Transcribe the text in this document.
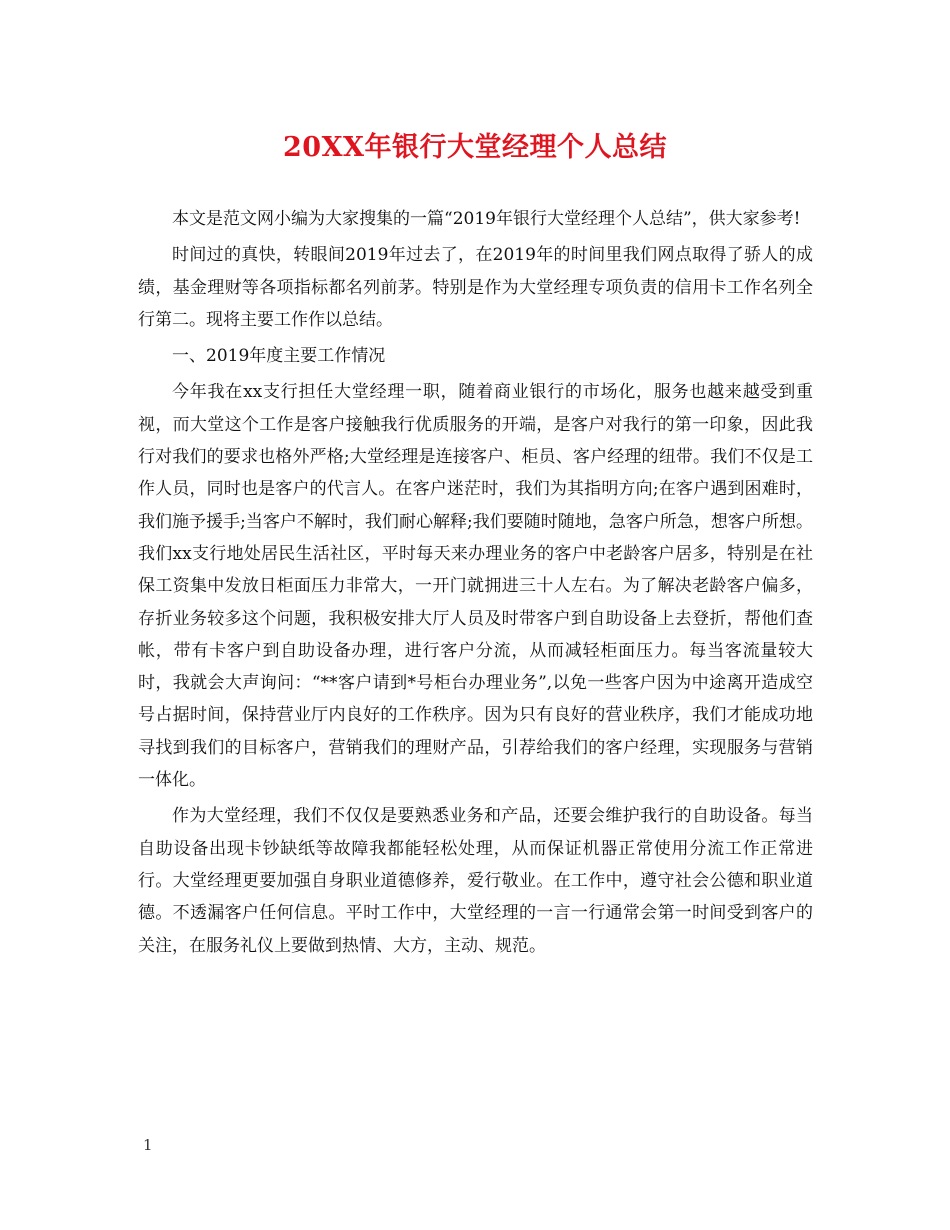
20XX年银行大堂经理个人总结

本文是范文网小编为大家搜集的一篇“2019年银行大堂经理个人总结”，供大家参考!

时间过的真快，转眼间2019年过去了，在2019年的时间里我们网点取得了骄人的成绩，基金理财等各项指标都名列前茅。特别是作为大堂经理专项负责的信用卡工作名列全行第二。现将主要工作作以总结。

一、2019年度主要工作情况

今年我在xx支行担任大堂经理一职，随着商业银行的市场化，服务也越来越受到重视，而大堂这个工作是客户接触我行优质服务的开端，是客户对我行的第一印象，因此我行对我们的要求也格外严格;大堂经理是连接客户、柜员、客户经理的纽带。我们不仅是工作人员，同时也是客户的代言人。在客户迷茫时，我们为其指明方向;在客户遇到困难时，我们施予援手;当客户不解时，我们耐心解释;我们要随时随地，急客户所急，想客户所想。我们xx支行地处居民生活社区，平时每天来办理业务的客户中老龄客户居多，特别是在社保工资集中发放日柜面压力非常大，一开门就拥进三十人左右。为了解决老龄客户偏多，存折业务较多这个问题，我积极安排大厅人员及时带客户到自助设备上去登折，帮他们查帐，带有卡客户到自助设备办理，进行客户分流，从而减轻柜面压力。每当客流量较大时，我就会大声询问：“**客户请到*号柜台办理业务”,以免一些客户因为中途离开造成空号占据时间，保持营业厅内良好的工作秩序。因为只有良好的营业秩序，我们才能成功地寻找到我们的目标客户，营销我们的理财产品，引荐给我们的客户经理，实现服务与营销一体化。

作为大堂经理，我们不仅仅是要熟悉业务和产品，还要会维护我行的自助设备。每当自助设备出现卡钞缺纸等故障我都能轻松处理，从而保证机器正常使用分流工作正常进行。大堂经理更要加强自身职业道德修养，爱行敬业。在工作中，遵守社会公德和职业道德。不透漏客户任何信息。平时工作中，大堂经理的一言一行通常会第一时间受到客户的关注，在服务礼仪上要做到热情、大方，主动、规范。

1
